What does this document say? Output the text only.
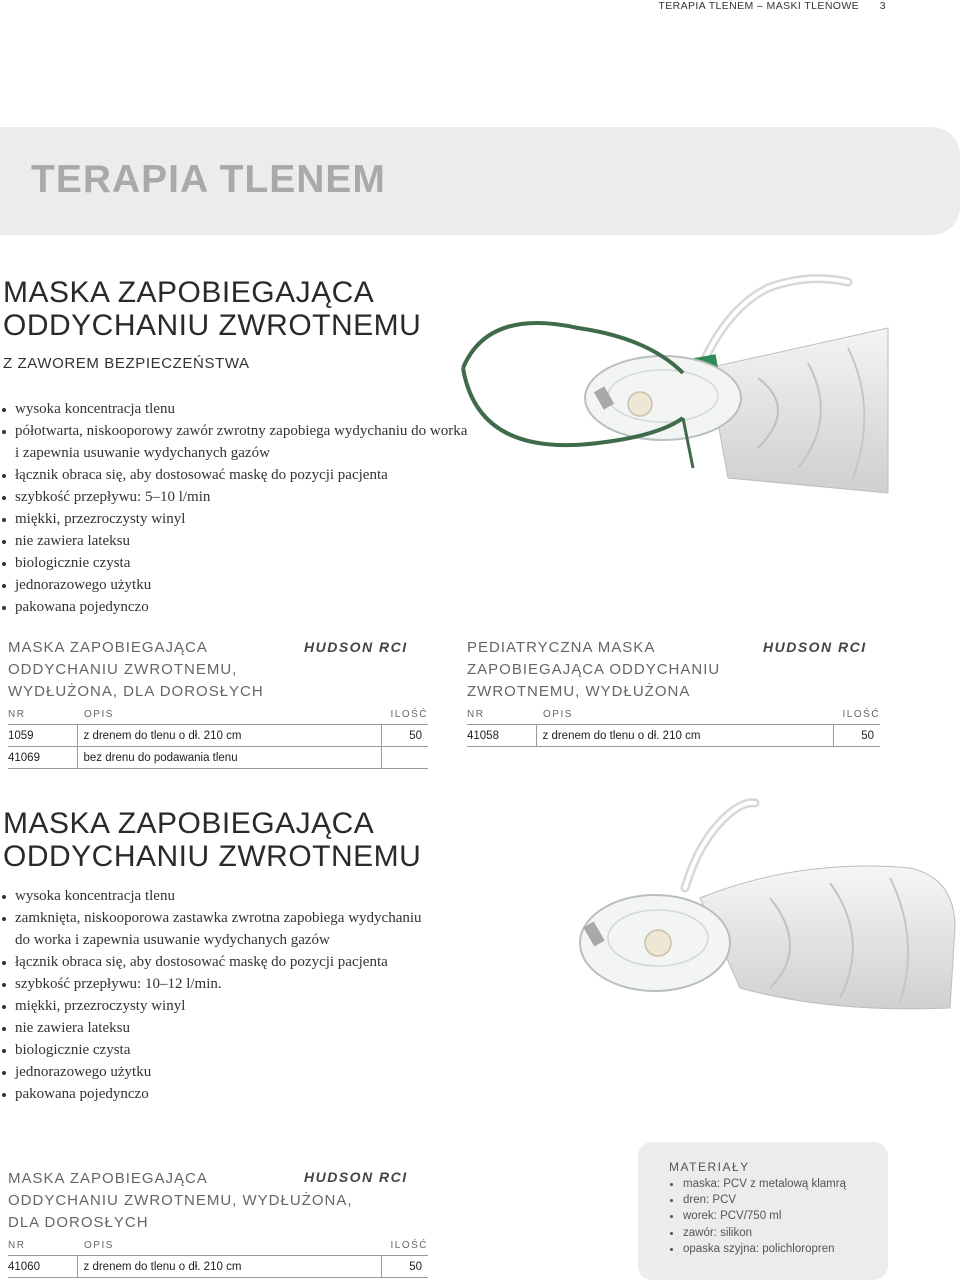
TERAPIA TLENEM – MASKI TLENOWE 3
TERAPIA TLENEM
MASKA ZAPOBIEGAJĄCA
ODDYCHANIU ZWROTNEMU
Z ZAWOREM BEZPIECZEŃSTWA
wysoka koncentracja tlenu
półotwarta, niskooporowy zawór zwrotny zapobiega wydychaniu do worka i zapewnia usuwanie wydychanych gazów
łącznik obraca się, aby dostosować maskę do pozycji pacjenta
szybkość przepływu: 5–10 l/min
miękki, przezroczysty winyl
nie zawiera lateksu
biologicznie czysta
jednorazowego użytku
pakowana pojedynczo
MASKA ZAPOBIEGAJĄCA
ODDYCHANIU ZWROTNEMU,
WYDŁUŻONA, DLA DOROSŁYCH
HUDSON RCI
NR	OPIS	ILOŚĆ
1059	z drenem do tlenu o dł. 210 cm	50
41069	bez drenu do podawania tlenu	
PEDIATRYCZNA MASKA
ZAPOBIEGAJĄCA ODDYCHANIU
ZWROTNEMU, WYDŁUŻONA
HUDSON RCI
NR	OPIS	ILOŚĆ
41058	z drenem do tlenu o dł. 210 cm	50
MASKA ZAPOBIEGAJĄCA
ODDYCHANIU ZWROTNEMU
wysoka koncentracja tlenu
zamknięta, niskooporowa zastawka zwrotna zapobiega wydychaniu do worka i zapewnia usuwanie wydychanych gazów
łącznik obraca się, aby dostosować maskę do pozycji pacjenta
szybkość przepływu: 10–12 l/min.
miękki, przezroczysty winyl
nie zawiera lateksu
biologicznie czysta
jednorazowego użytku
pakowana pojedynczo
MASKA ZAPOBIEGAJĄCA
ODDYCHANIU ZWROTNEMU, WYDŁUŻONA,
DLA DOROSŁYCH
HUDSON RCI
NR	OPIS	ILOŚĆ
41060	z drenem do tlenu o dł. 210 cm	50
MATERIAŁY
maska: PCV z metalową klamrą
dren: PCV
worek: PCV/750 ml
zawór: silikon
opaska szyjna: polichloropren
